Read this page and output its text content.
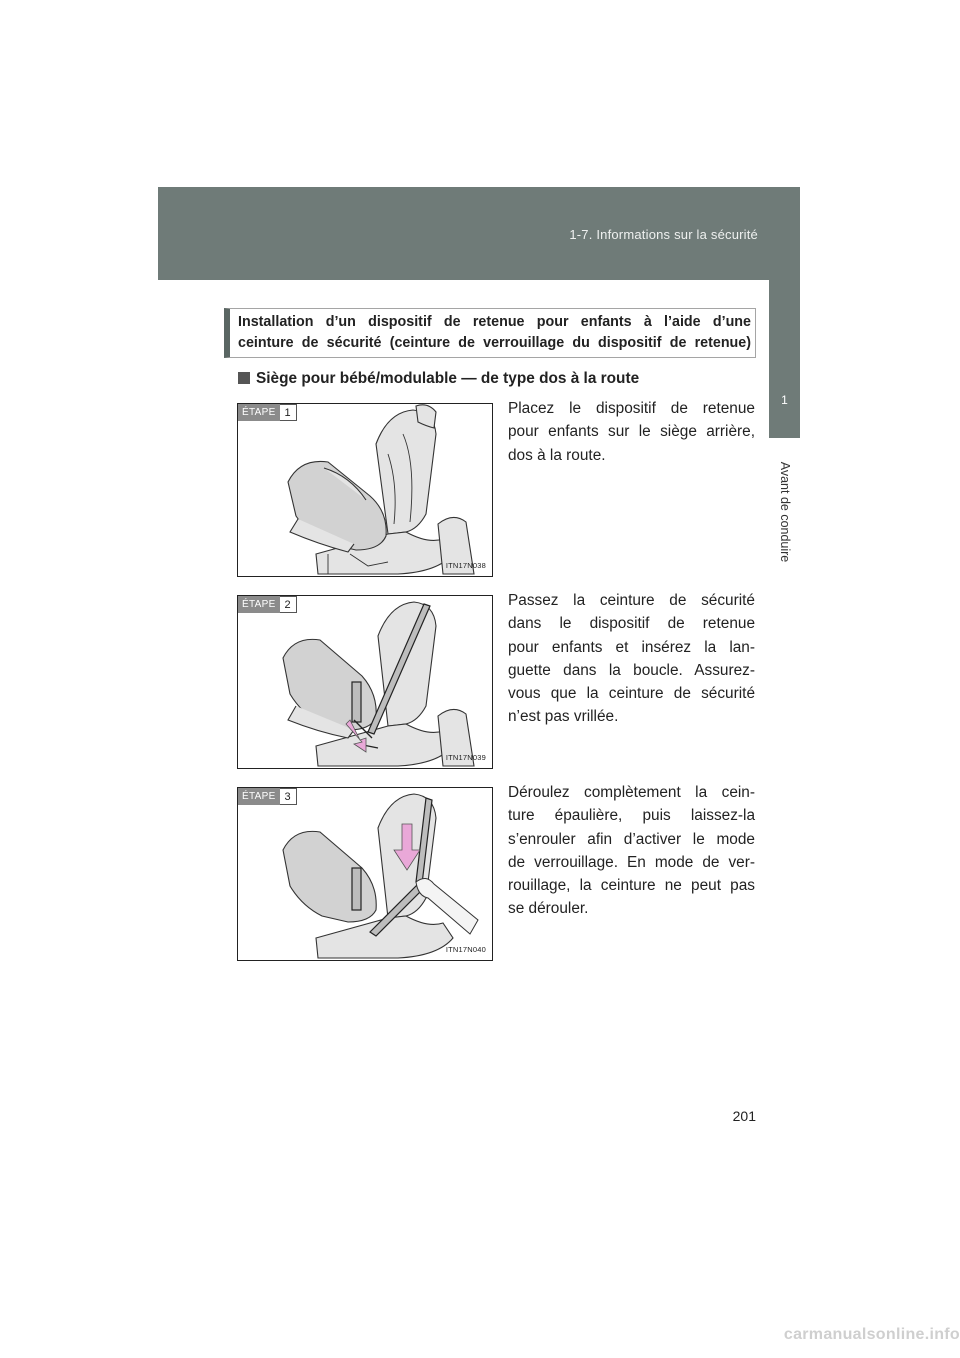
1-7. Informations sur la sécurité
1
Avant de conduire
Installation d’un dispositif de retenue pour enfants à l’aide d’une
ceinture de sécurité (ceinture de verrouillage du dispositif de retenue)
Siège pour bébé/modulable — de type dos à la route
ÉTAPE 1
ITN17N038
Placez le dispositif de retenue
pour enfants sur le siège arrière,
dos à la route.
ÉTAPE 2
ITN17N039
Passez la ceinture de sécurité
dans le dispositif de retenue
pour enfants et insérez la lan-
guette dans la boucle. Assurez-
vous que la ceinture de sécurité
n’est pas vrillée.
ÉTAPE 3
ITN17N040
Déroulez complètement la cein-
ture épaulière, puis laissez-la
s’enrouler afin d’activer le mode
de verrouillage. En mode de ver-
rouillage, la ceinture ne peut pas
se dérouler.
201
carmanualsonline.info
